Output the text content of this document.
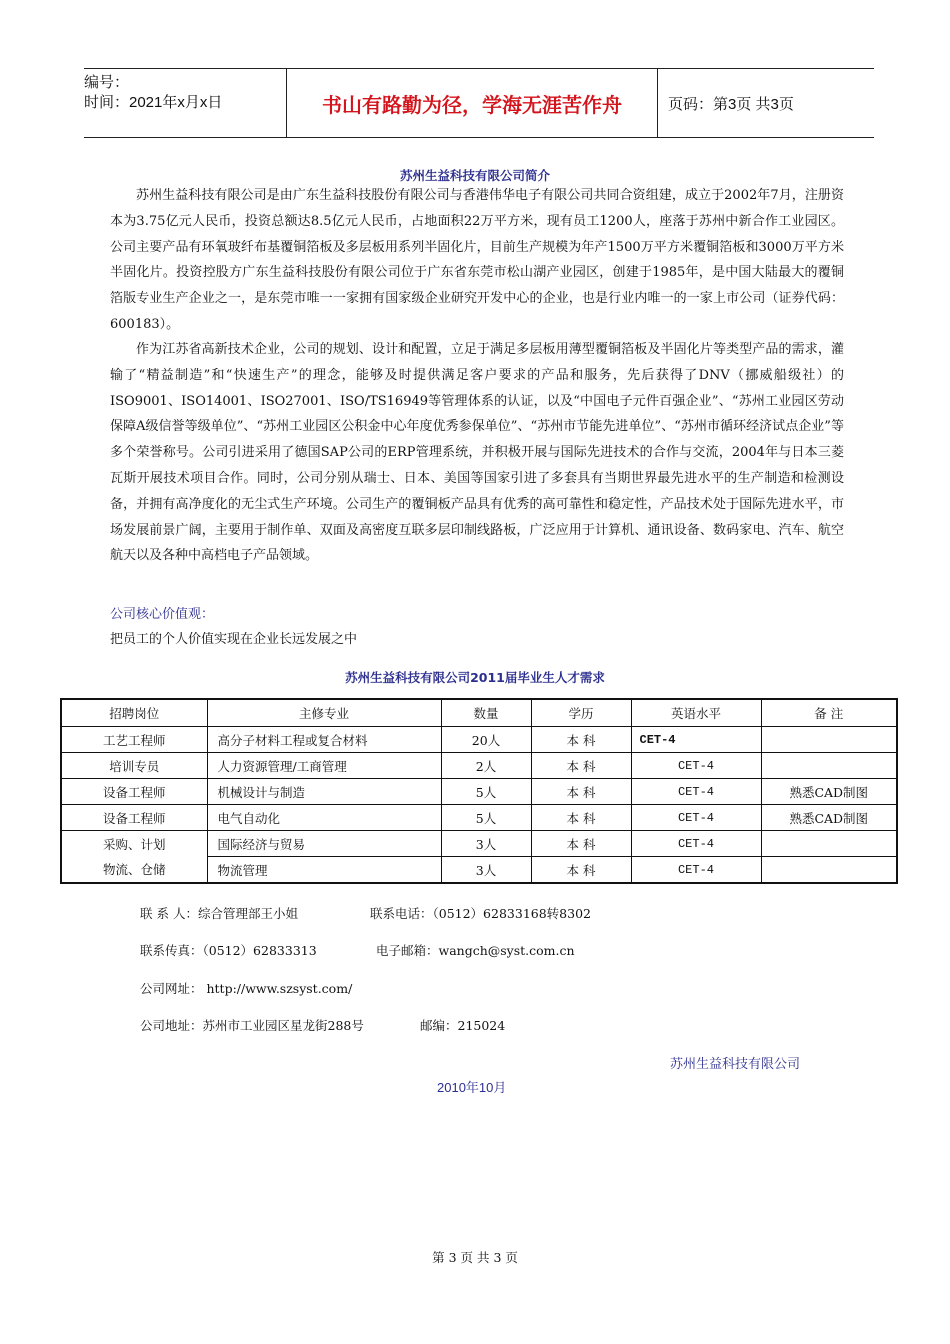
编号：
时间：2021年x月x日	书山有路勤为径，学海无涯苦作舟	页码：第3页 共3页
苏州生益科技有限公司简介

苏州生益科技有限公司是由广东生益科技股份有限公司与香港伟华电子有限公司共同合资组建，成立于2002年7月，注册资本为3.75亿元人民币，投资总额达8.5亿元人民币，占地面积22万平方米，现有员工1200人，座落于苏州中新合作工业园区。公司主要产品有环氧玻纤布基覆铜箔板及多层板用系列半固化片，目前生产规模为年产1500万平方米覆铜箔板和3000万平方米半固化片。投资控股方广东生益科技股份有限公司位于广东省东莞市松山湖产业园区，创建于1985年，是中国大陆最大的覆铜箔版专业生产企业之一，是东莞市唯一一家拥有国家级企业研究开发中心的企业，也是行业内唯一的一家上市公司（证券代码：600183）。

作为江苏省高新技术企业，公司的规划、设计和配置，立足于满足多层板用薄型覆铜箔板及半固化片等类型产品的需求，灌输了“精益制造”和“快速生产”的理念，能够及时提供满足客户要求的产品和服务，先后获得了DNV（挪威船级社）的ISO9001、ISO14001、ISO27001、ISO/TS16949等管理体系的认证，以及“中国电子元件百强企业”、“苏州工业园区劳动保障A级信誉等级单位”、“苏州工业园区公积金中心年度优秀参保单位”、“苏州市节能先进单位”、“苏州市循环经济试点企业”等多个荣誉称号。公司引进采用了德国SAP公司的ERP管理系统，并积极开展与国际先进技术的合作与交流，2004年与日本三菱瓦斯开展技术项目合作。同时，公司分别从瑞士、日本、美国等国家引进了多套具有当期世界最先进水平的生产制造和检测设备，并拥有高净度化的无尘式生产环境。公司生产的覆铜板产品具有优秀的高可靠性和稳定性，产品技术处于国际先进水平，市场发展前景广阔，主要用于制作单、双面及高密度互联多层印制线路板，广泛应用于计算机、通讯设备、数码家电、汽车、航空航天以及各种中高档电子产品领域。

公司核心价值观：
把员工的个人价值实现在企业长远发展之中
苏州生益科技有限公司2011届毕业生人才需求
招聘岗位	主修专业	数量	学历	英语水平	备 注
工艺工程师	高分子材料工程或复合材料	20人	本 科	CET-4	
培训专员	人力资源管理/工商管理	2人	本 科	CET-4	
设备工程师	机械设计与制造	5人	本 科	CET-4	熟悉CAD制图
设备工程师	电气自动化	5人	本 科	CET-4	熟悉CAD制图
采购、计划	国际经济与贸易	3人	本 科	CET-4	
物流、仓储	物流管理	3人	本 科	CET-4	
联 系 人：综合管理部王小姐	联系电话：（0512）62833168转8302
联系传真：（0512）62833313	电子邮箱：wangch@syst.com.cn
公司网址： http://www.szsyst.com/
公司地址：苏州市工业园区星龙街288号	邮编：215024
苏州生益科技有限公司
2010年10月
第 3 页 共 3 页
